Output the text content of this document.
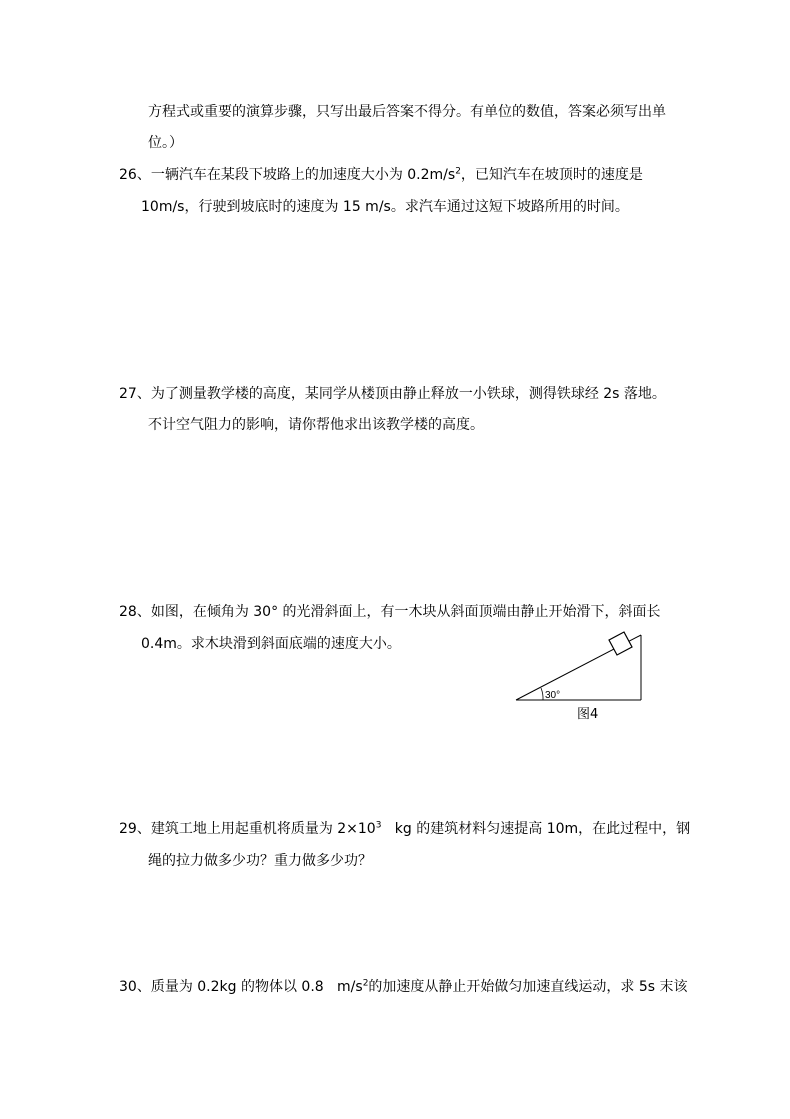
方程式或重要的演算步骤，只写出最后答案不得分。有单位的数值，答案必须写出单
位。）
26、一辆汽车在某段下坡路上的加速度大小为 $0.2m/s^2$，已知汽车在坡顶时的速度是
10m/s，行驶到坡底时的速度为 15 m/s。求汽车通过这短下坡路所用的时间。
27、为了测量教学楼的高度，某同学从楼顶由静止释放一小铁球，测得铁球经 2s 落地。
不计空气阻力的影响，请你帮他求出该教学楼的高度。
28、如图，在倾角为 30° 的光滑斜面上，有一木块从斜面顶端由静止开始滑下，斜面长
0.4m。求木块滑到斜面底端的速度大小。
30°
图4
29、建筑工地上用起重机将质量为 $2\times 10^3$   kg 的建筑材料匀速提高 10m，在此过程中，钢
绳的拉力做多少功？重力做多少功？
30、质量为 0.2kg 的物体以 0.8   $m/s^2$的加速度从静止开始做匀加速直线运动，求 5s 末该
